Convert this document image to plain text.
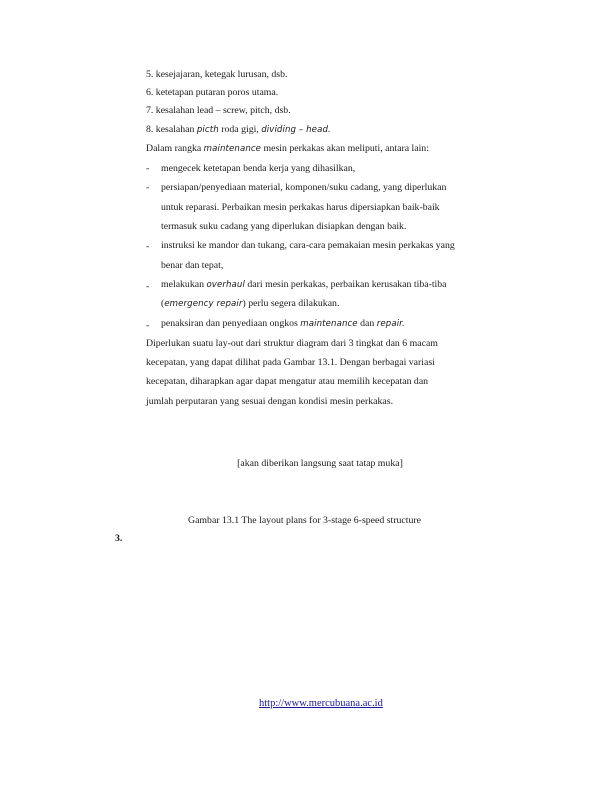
5. kesejajaran, ketegak lurusan, dsb.
6. ketetapan putaran poros utama.
7. kesalahan lead – screw, pitch, dsb.
8. kesalahan picth roda gigi, dividing – head.
Dalam rangka maintenance mesin perkakas akan meliputi, antara lain:
- mengecek ketetapan benda kerja yang dihasilkan,
- persiapan/penyediaan material, komponen/suku cadang, yang diperlukan
untuk reparasi. Perbaikan mesin perkakas harus dipersiapkan baik-baik
termasuk suku cadang yang diperlukan disiapkan dengan baik.
- instruksi ke mandor dan tukang, cara-cara pemakaian mesin perkakas yang
benar dan tepat,
- melakukan overhaul dari mesin perkakas, perbaikan kerusakan tiba-tiba
(emergency repair) perlu segera dilakukan.
- penaksiran dan penyediaan ongkos maintenance dan repair.
Diperlukan suatu lay-out dari struktur diagram dari 3 tingkat dan 6 macam
kecepatan, yang dapat dilihat pada Gambar 13.1. Dengan berbagai variasi
kecepatan, diharapkan agar dapat mengatur atau memilih kecepatan dan
jumlah perputaran yang sesuai dengan kondisi mesin perkakas.
[akan diberikan langsung saat tatap muka]
Gambar 13.1 The layout plans for 3-stage 6-speed structure
3.
http://www.mercubuana.ac.id
